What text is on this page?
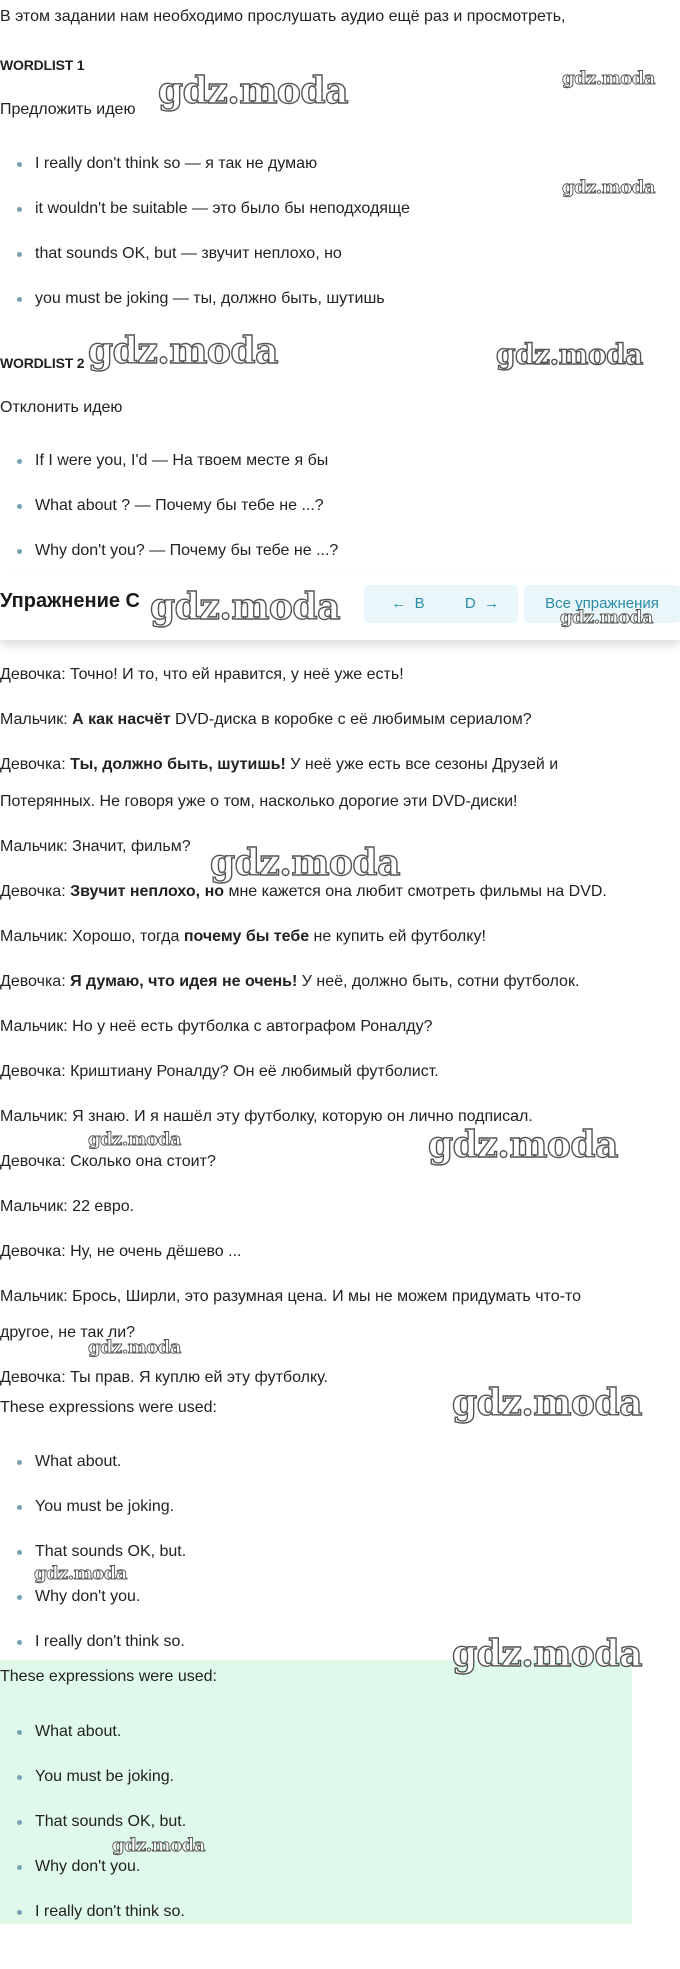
В этом задании нам необходимо прослушать аудио ещё раз и просмотреть,
WORDLIST 1
Предложить идею
I really don't think so — я так не думаю
it wouldn't be suitable — это было бы неподходяще
that sounds OK, but — звучит неплохо, но
you must be joking — ты, должно быть, шутишь
WORDLIST 2
Отклонить идею
If I were you, I'd — На твоем месте я бы
What about ? — Почему бы тебе не ...?
Why don't you? — Почему бы тебе не ...?
Упражнение C	← B	D →	Все упражнения
Девочка: Точно! И то, что ей нравится, у неё уже есть!
Мальчик: А как насчёт DVD-диска в коробке с её любимым сериалом?
Девочка: Ты, должно быть, шутишь! У неё уже есть все сезоны Друзей и
Потерянных. Не говоря уже о том, насколько дорогие эти DVD-диски!
Мальчик: Значит, фильм?
Девочка: Звучит неплохо, но мне кажется она любит смотреть фильмы на DVD.
Мальчик: Хорошо, тогда почему бы тебе не купить ей футболку!
Девочка: Я думаю, что идея не очень! У неё, должно быть, сотни футболок.
Мальчик: Но у неё есть футболка с автографом Роналду?
Девочка: Криштиану Роналду? Он её любимый футболист.
Мальчик: Я знаю. И я нашёл эту футболку, которую он лично подписал.
Девочка: Сколько она стоит?
Мальчик: 22 евро.
Девочка: Ну, не очень дёшево ...
Мальчик: Брось, Ширли, это разумная цена. И мы не можем придумать что-то
другое, не так ли?
Девочка: Ты прав. Я куплю ей эту футболку.
These expressions were used:
What about.
You must be joking.
That sounds OK, but.
Why don't you.
I really don't think so.
These expressions were used:
What about.
You must be joking.
That sounds OK, but.
Why don't you.
I really don't think so.
gdz.moda	gdz.moda
gdz.moda
gdz.moda	gdz.moda
gdz.moda	gdz.moda
gdz.moda
gdz.moda	gdz.moda
gdz.moda
gdz.moda
gdz.moda
gdz.moda
gdz.moda
